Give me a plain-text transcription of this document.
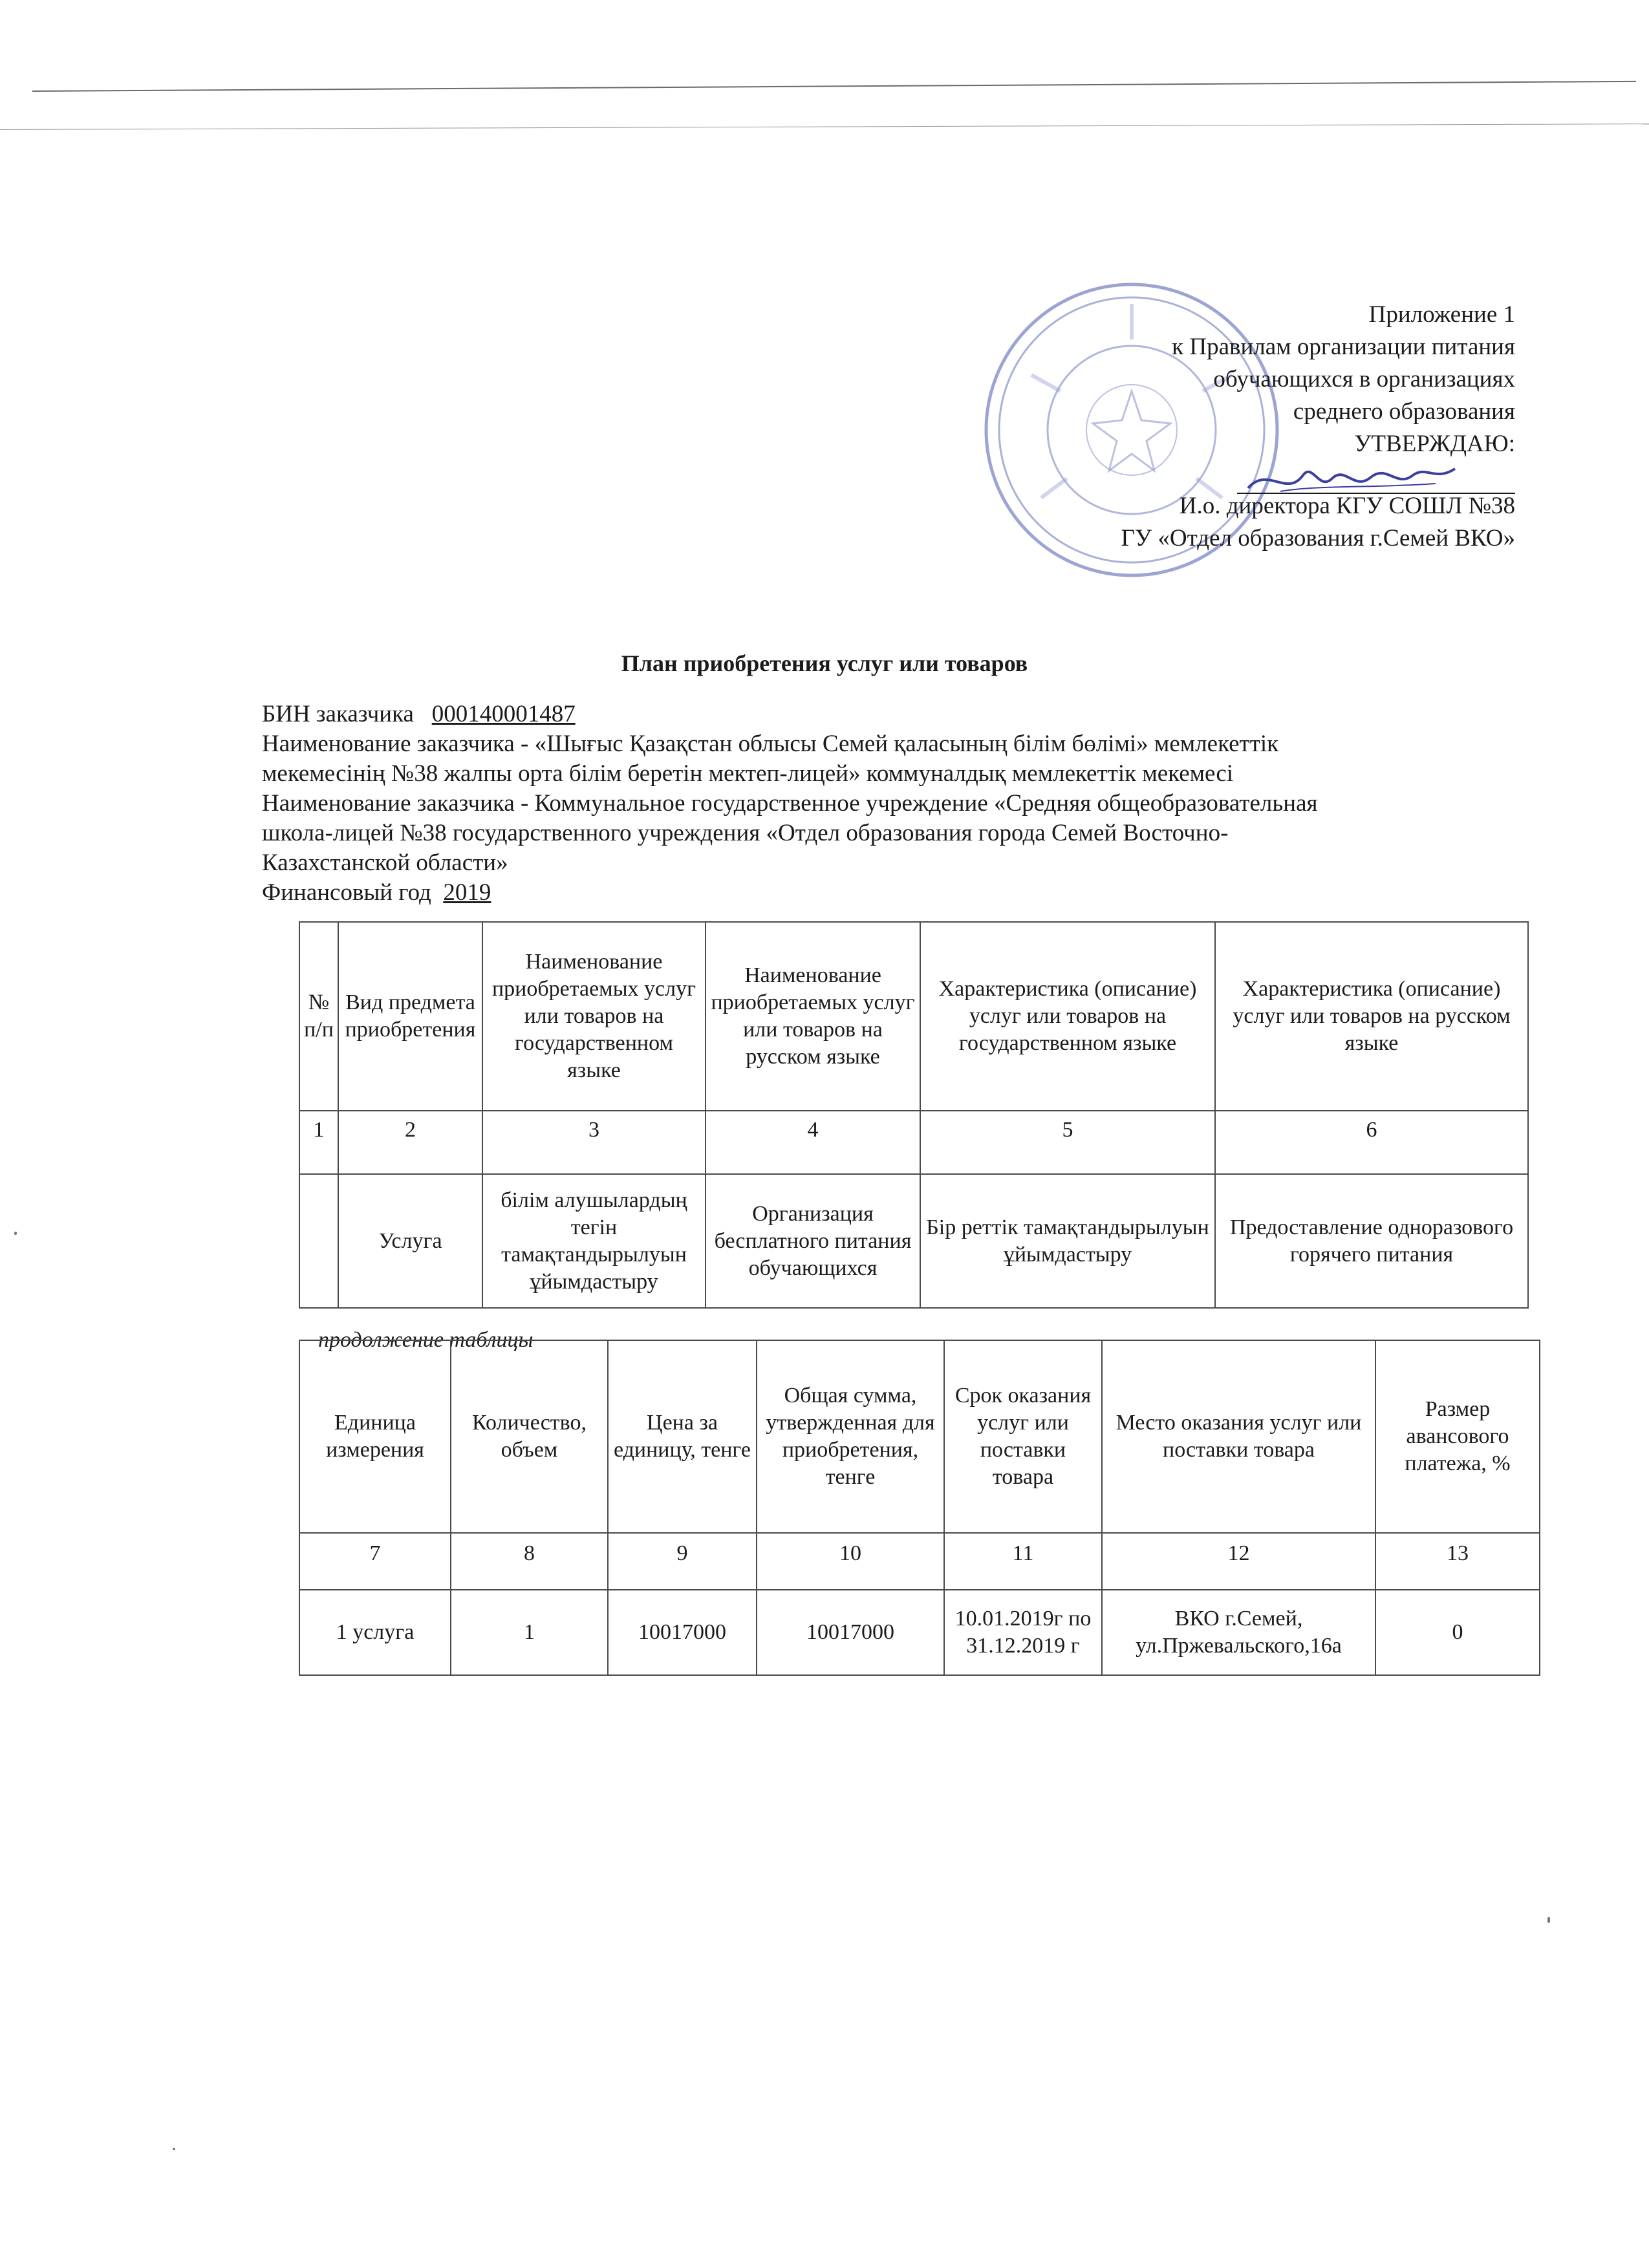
Приложение 1
к Правилам организации питания
обучающихся в организациях
среднего образования
УТВЕРЖДАЮ:
И.о. директора КГУ СОШЛ №38
ГУ «Отдел образования г.Семей ВКО»
План приобретения услуг или товаров
БИН заказчика 000140001487
Наименование заказчика - «Шығыс Қазақстан облысы Семей қаласының білім бөлімі» мемлекеттік
мекемесінің №38 жалпы орта білім беретін мектеп-лицей» коммуналдық мемлекеттік мекемесі
Наименование заказчика - Коммунальное государственное учреждение «Средняя общеобразовательная
школа-лицей №38 государственного учреждения «Отдел образования города Семей Восточно-
Казахстанской области»
Финансовый год 2019
№ п/п	Вид предмета приобретения	Наименование приобретаемых услуг или товаров на государственном языке	Наименование приобретаемых услуг или товаров на русском языке	Характеристика (описание) услуг или товаров на государственном языке	Характеристика (описание) услуг или товаров на русском языке
1	2	3	4	5	6
	Услуга	білім алушылардың тегін тамақтандырылуын ұйымдастыру	Организация бесплатного питания обучающихся	Бір реттік тамақтандырылуын ұйымдастыру	Предоставление одноразового горячего питания
продолжение таблицы
Единица измерения	Количество, объем	Цена за единицу, тенге	Общая сумма, утвержденная для приобретения, тенге	Срок оказания услуг или поставки товара	Место оказания услуг или поставки товара	Размер авансового платежа, %
7	8	9	10	11	12	13
1 услуга	1	10017000	10017000	10.01.2019г по 31.12.2019 г	ВКО г.Семей, ул.Пржевальского,16а	0
